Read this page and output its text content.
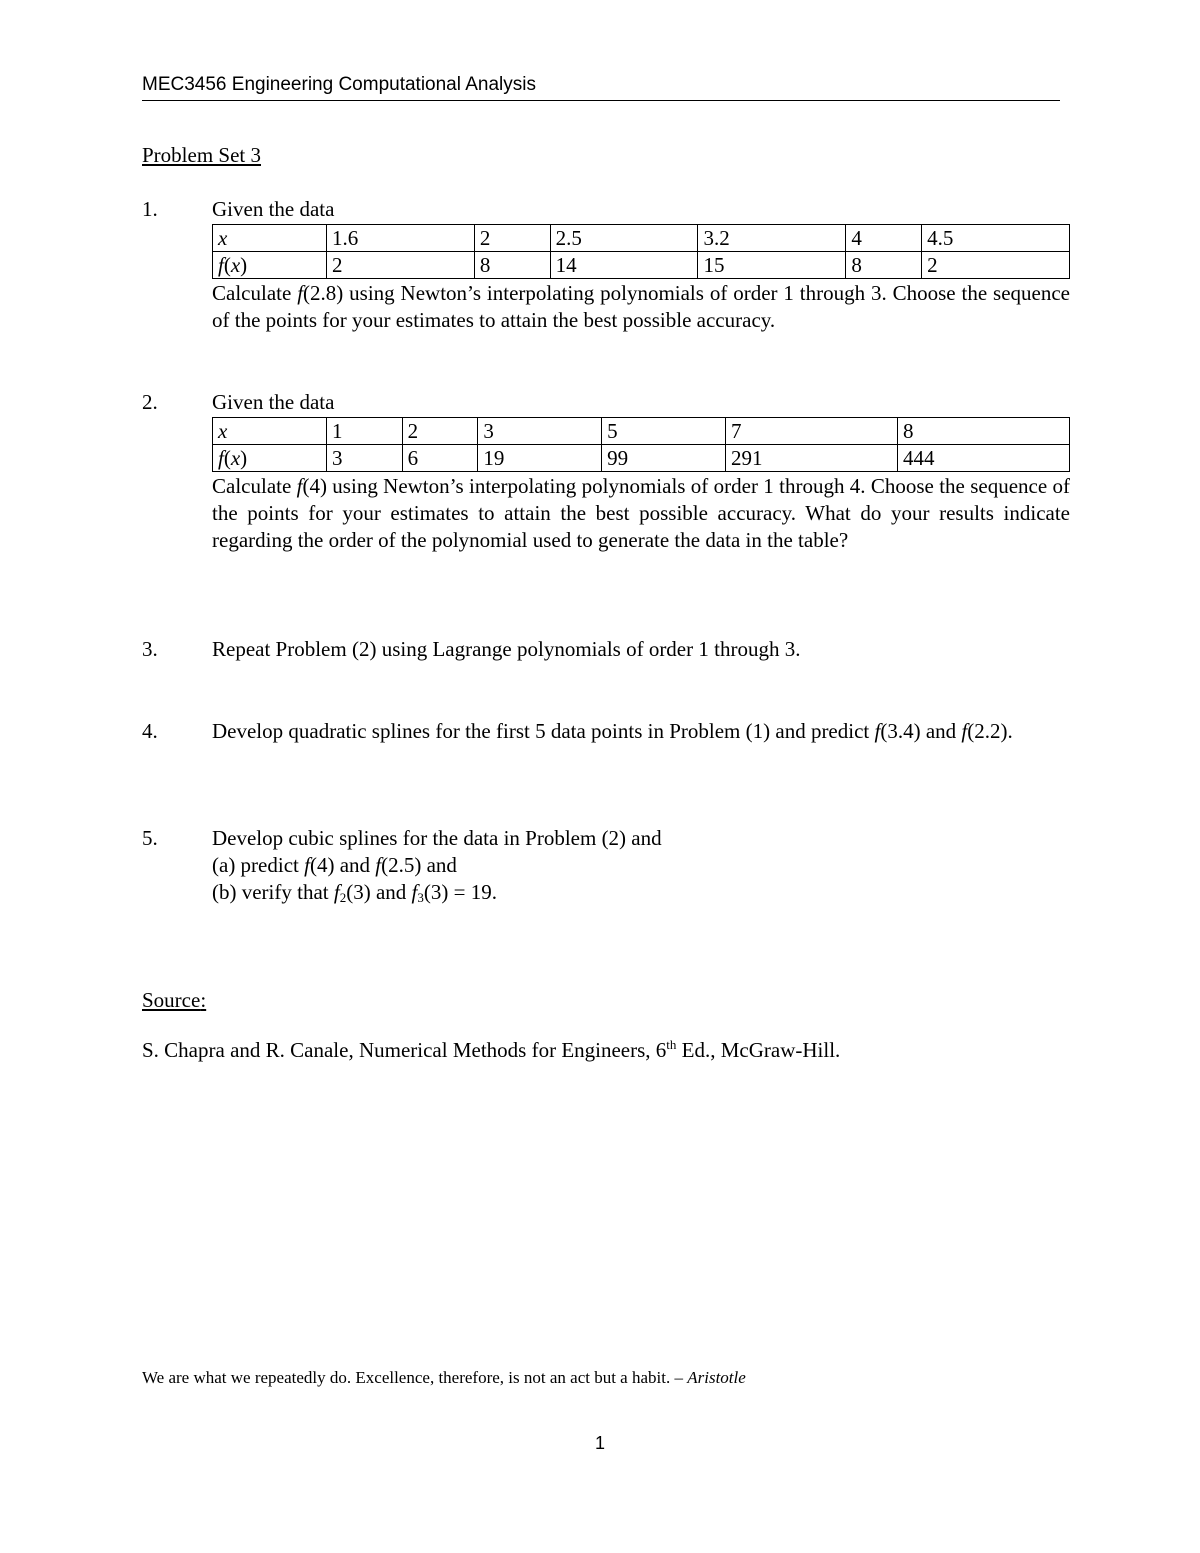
MEC3456 Engineering Computational Analysis
Problem Set 3
1.	Given the data
x	1.6	2	2.5	3.2	4	4.5
f(x)	2	8	14	15	8	2
Calculate f(2.8) using Newton’s interpolating polynomials of order 1 through 3. Choose the sequence of the points for your estimates to attain the best possible accuracy.
2.	Given the data
x	1	2	3	5	7	8
f(x)	3	6	19	99	291	444
Calculate f(4) using Newton’s interpolating polynomials of order 1 through 4. Choose the sequence of the points for your estimates to attain the best possible accuracy. What do your results indicate regarding the order of the polynomial used to generate the data in the table?
3.	Repeat Problem (2) using Lagrange polynomials of order 1 through 3.
4.	Develop quadratic splines for the first 5 data points in Problem (1) and predict f(3.4) and f(2.2).
5.	Develop cubic splines for the data in Problem (2) and
(a) predict f(4) and f(2.5) and
(b) verify that $f_2(3)$ and $f_3(3) = 19$.
Source:
S. Chapra and R. Canale, Numerical Methods for Engineers, 6th Ed., McGraw-Hill.
We are what we repeatedly do. Excellence, therefore, is not an act but a habit. – Aristotle
1
